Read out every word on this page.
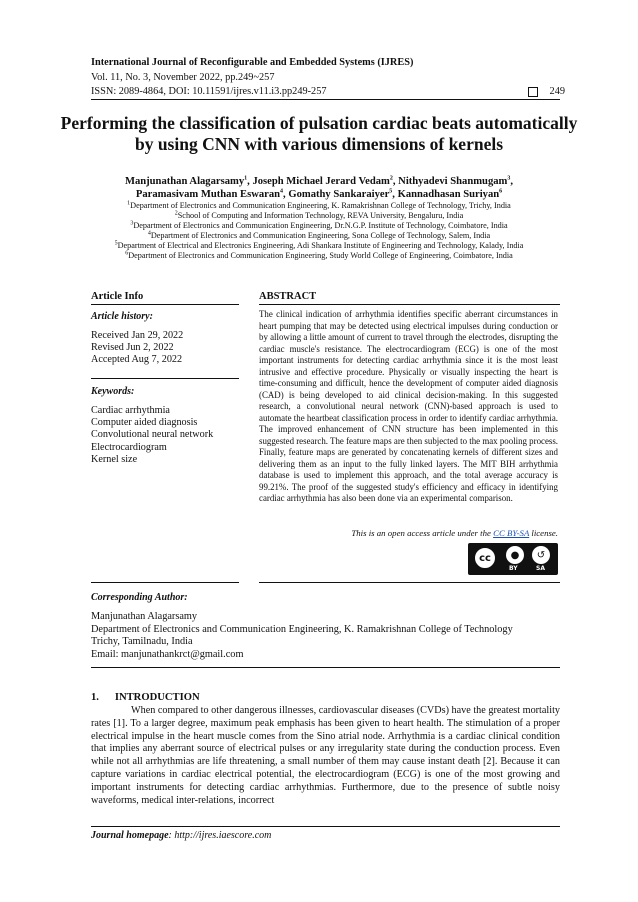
International Journal of Reconfigurable and Embedded Systems (IJRES)
Vol. 11, No. 3, November 2022, pp.249~257
ISSN: 2089-4864, DOI: 10.11591/ijres.v11.i3.pp249-257	249
Performing the classification of pulsation cardiac beats automatically by using CNN with various dimensions of kernels
Manjunathan Alagarsamy$^1$, Joseph Michael Jerard Vedam$^2$, Nithyadevi Shanmugam$^3$,
Paramasivam Muthan Eswaran$^4$, Gomathy Sankaraiyer$^5$, Kannadhasan Suriyan$^6$
$^1$Department of Electronics and Communication Engineering, K. Ramakrishnan College of Technology, Trichy, India
$^2$School of Computing and Information Technology, REVA University, Bengaluru, India
$^3$Department of Electronics and Communication Engineering, Dr.N.G.P. Institute of Technology, Coimbatore, India
$^4$Department of Electronics and Communication Engineering, Sona College of Technology, Salem, India
$^5$Department of Electrical and Electronics Engineering, Adi Shankara Institute of Engineering and Technology, Kalady, India
$^6$Department of Electronics and Communication Engineering, Study World College of Engineering, Coimbatore, India
Article Info
Article history:
Received Jan 29, 2022
Revised Jun 2, 2022
Accepted Aug 7, 2022
Keywords:
Cardiac arrhythmia
Computer aided diagnosis
Convolutional neural network
Electrocardiogram
Kernel size
ABSTRACT
The clinical indication of arrhythmia identifies specific aberrant circumstances in heart pumping that may be detected using electrical impulses during conduction or by allowing a little amount of current to travel through the electrodes, disrupting the cardiac muscle's resistance. The electrocardiogram (ECG) is one of the most important instruments for detecting cardiac arrhythmia since it is the most least intrusive and effective procedure. Physically or visually inspecting the heart is time-consuming and difficult, hence the development of computer aided diagnosis (CAD) is being developed to aid clinical decision-making. In this suggested research, a convolutional neural network (CNN)-based approach is used to automate the heartbeat classification process in order to identify cardiac arrhythmia. The improved enhancement of CNN structure has been implemented in this suggested research. The feature maps are then subjected to the max pooling process. Finally, feature maps are generated by concatenating kernels of different sizes and delivering them as an input to the fully linked layers. The MIT BIH arrhythmia database is used to implement this approach, and the total average accuracy is 99.21%. The proof of the suggested study's efficiency and efficacy in identifying cardiac arrhythmia has also been done via an experimental comparison.
This is an open access article under the CC BY-SA license.
cc	●	↺
BY	SA
Corresponding Author:
Manjunathan Alagarsamy
Department of Electronics and Communication Engineering, K. Ramakrishnan College of Technology
Trichy, Tamilnadu, India
Email: manjunathankrct@gmail.com
1.      INTRODUCTION
When compared to other dangerous illnesses, cardiovascular diseases (CVDs) have the greatest mortality rates [1]. To a larger degree, maximum peak emphasis has been given to heart health. The stimulation of a proper electrical impulse in the heart muscle comes from the Sino atrial node. Arrhythmia is a cardiac clinical condition that implies any aberrant source of electrical pulses or any irregularity state during the conduction process. Even while not all arrhythmias are life threatening, a small number of them may cause instant death [2]. Because it can capture variations in cardiac electrical potential, the electrocardiogram (ECG) is one of the most growing and important instruments for detecting cardiac arrhythmias. Furthermore, due to the presence of subtle noisy waveforms, medical inter-relations, incorrect
Journal homepage: http://ijres.iaescore.com
